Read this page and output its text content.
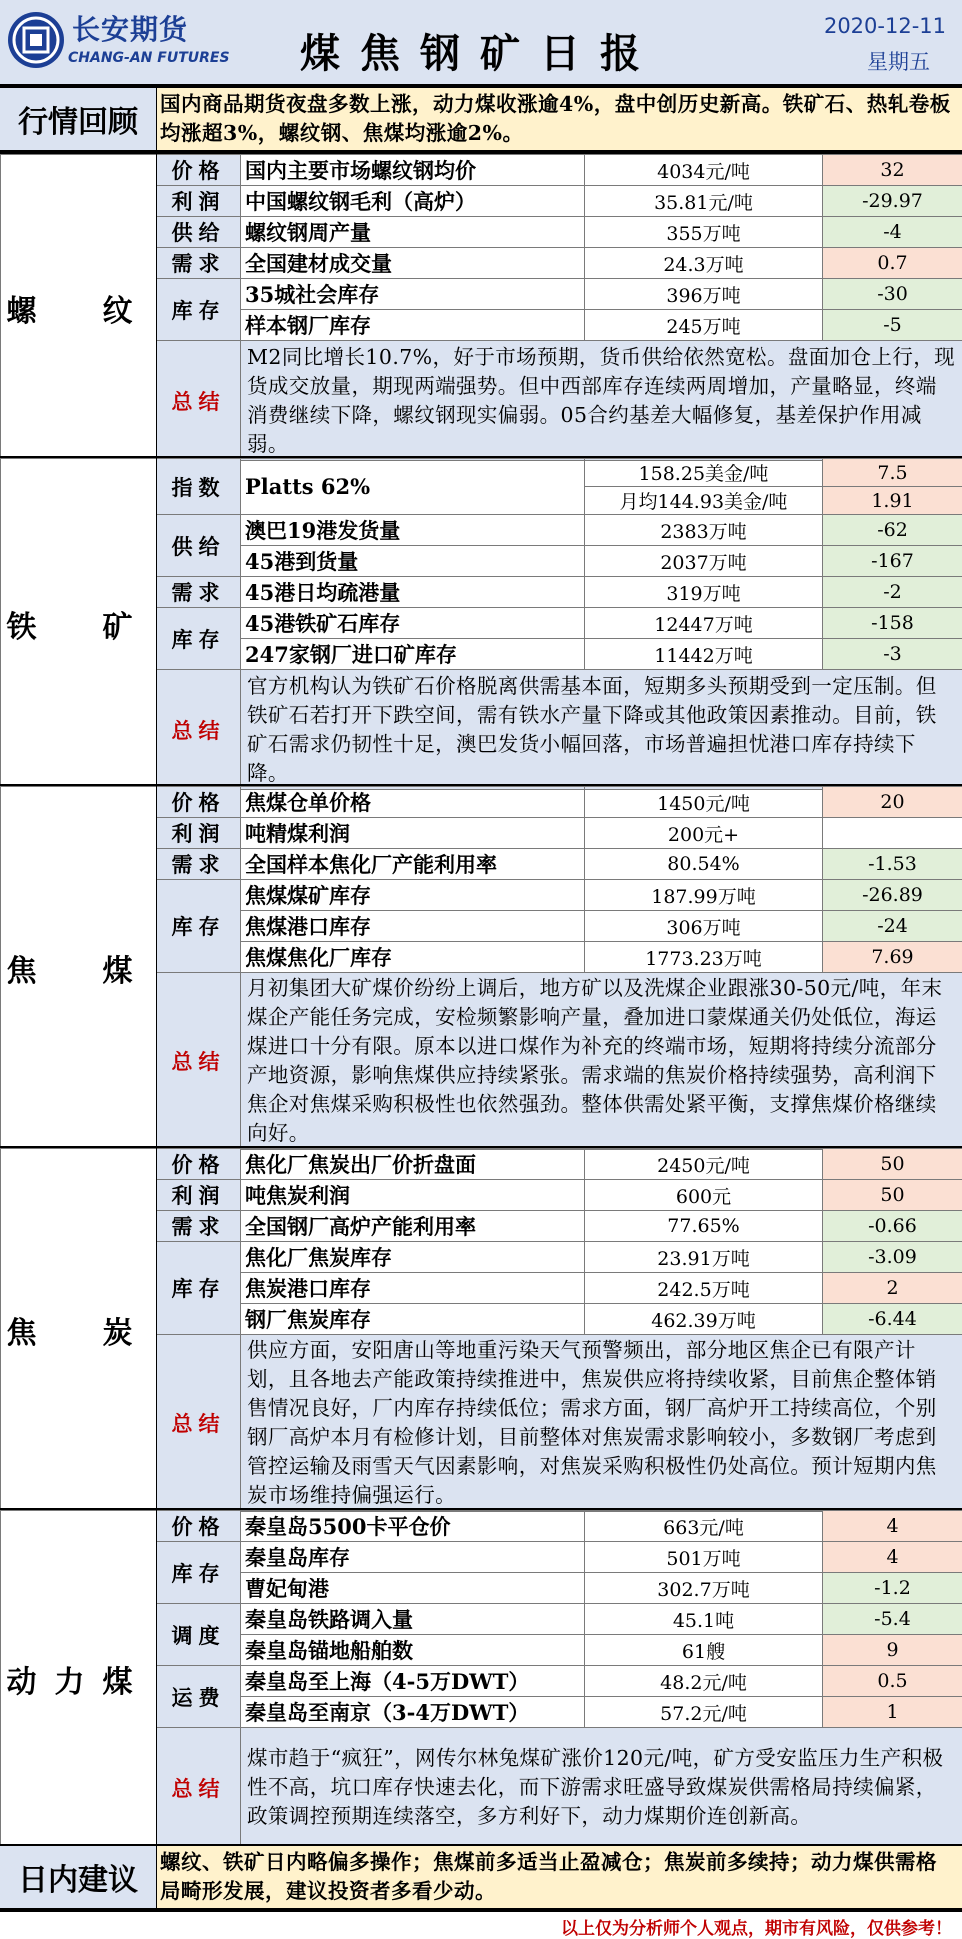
长安期货
CHANG-AN FUTURES 煤焦钢矿日报
2020-12-11
星期五
行情回顾
国内商品期货夜盘多数上涨，动力煤收涨逾4%，盘中创历史新高。铁矿石、热轧卷板均涨超3%，螺纹钢、焦煤均涨逾2%。
螺　纹	价格	国内主要市场螺纹钢均价	4034元/吨	32
	利润	中国螺纹钢毛利（高炉）	35.81元/吨	-29.97
	供给	螺纹钢周产量	355万吨	-4
	需求	全国建材成交量	24.3万吨	0.7
	库存	35城社会库存	396万吨	-30
		样本钢厂库存	245万吨	-5
	总结	M2同比增长10.7%，好于市场预期，货币供给依然宽松。盘面加仓上行，现货成交放量，期现两端强势。但中西部库存连续两周增加，产量略显，终端消费继续下降，螺纹钢现实偏弱。05合约基差大幅修复，基差保护作用减弱。		
铁　矿	指数	Platts 62%	158.25美金/吨	7.5
			月均144.93美金/吨	1.91
	供给	澳巴19港发货量	2383万吨	-62
		45港到货量	2037万吨	-167
	需求	45港日均疏港量	319万吨	-2
	库存	45港铁矿石库存	12447万吨	-158
		247家钢厂进口矿库存	11442万吨	-3
	总结	官方机构认为铁矿石价格脱离供需基本面，短期多头预期受到一定压制。但铁矿石若打开下跌空间，需有铁水产量下降或其他政策因素推动。目前，铁矿石需求仍韧性十足，澳巴发货小幅回落，市场普遍担忧港口库存持续下降。		
焦　煤	价格	焦煤仓单价格	1450元/吨	20
	利润	吨精煤利润	200元+	
	需求	全国样本焦化厂产能利用率	80.54%	-1.53
	库存	焦煤煤矿库存	187.99万吨	-26.89
		焦煤港口库存	306万吨	-24
		焦煤焦化厂库存	1773.23万吨	7.69
	总结	月初集团大矿煤价纷纷上调后，地方矿以及洗煤企业跟涨30-50元/吨，年末煤企产能任务完成，安检频繁影响产量，叠加进口蒙煤通关仍处低位，海运煤进口十分有限。原本以进口煤作为补充的终端市场，短期将持续分流部分产地资源，影响焦煤供应持续紧张。需求端的焦炭价格持续强势，高利润下焦企对焦煤采购积极性也依然强劲。整体供需处紧平衡，支撑焦煤价格继续向好。		
焦　炭	价格	焦化厂焦炭出厂价折盘面	2450元/吨	50
	利润	吨焦炭利润	600元	50
	需求	全国钢厂高炉产能利用率	77.65%	-0.66
	库存	焦化厂焦炭库存	23.91万吨	-3.09
		焦炭港口库存	242.5万吨	2
		钢厂焦炭库存	462.39万吨	-6.44
	总结	供应方面，安阳唐山等地重污染天气预警频出，部分地区焦企已有限产计划，且各地去产能政策持续推进中，焦炭供应将持续收紧，目前焦企整体销售情况良好，厂内库存持续低位；需求方面，钢厂高炉开工持续高位，个别钢厂高炉本月有检修计划，目前整体对焦炭需求影响较小，多数钢厂考虑到管控运输及雨雪天气因素影响，对焦炭采购积极性仍处高位。预计短期内焦炭市场维持偏强运行。		
动力煤	价格	秦皇岛5500卡平仓价	663元/吨	4
	库存	秦皇岛库存	501万吨	4
		曹妃甸港	302.7万吨	-1.2
	调度	秦皇岛铁路调入量	45.1吨	-5.4
		秦皇岛锚地船舶数	61艘	9
	运费	秦皇岛至上海（4-5万DWT）	48.2元/吨	0.5
		秦皇岛至南京（3-4万DWT）	57.2元/吨	1
	总结	煤市趋于“疯狂”，网传尔林兔煤矿涨价120元/吨，矿方受安监压力生产积极性不高，坑口库存快速去化，而下游需求旺盛导致煤炭供需格局持续偏紧，政策调控预期连续落空，多方利好下，动力煤期价连创新高。		
日内建议
螺纹、铁矿日内略偏多操作；焦煤前多适当止盈减仓；焦炭前多续持；动力煤供需格局畸形发展，建议投资者多看少动。
以上仅为分析师个人观点，期市有风险，仅供参考！
